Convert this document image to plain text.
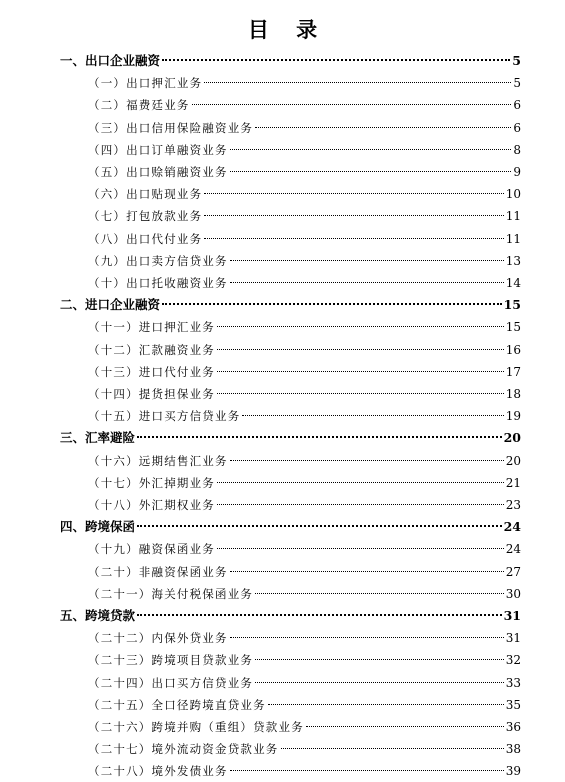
目 录
一、出口企业融资	5
（一）出口押汇业务	5
（二）福费廷业务	6
（三）出口信用保险融资业务	6
（四）出口订单融资业务	8
（五）出口赊销融资业务	9
（六）出口贴现业务	10
（七）打包放款业务	11
（八）出口代付业务	11
（九）出口卖方信贷业务	13
（十）出口托收融资业务	14
二、进口企业融资	15
（十一）进口押汇业务	15
（十二）汇款融资业务	16
（十三）进口代付业务	17
（十四）提货担保业务	18
（十五）进口买方信贷业务	19
三、汇率避险	20
（十六）远期结售汇业务	20
（十七）外汇掉期业务	21
（十八）外汇期权业务	23
四、跨境保函	24
（十九）融资保函业务	24
（二十）非融资保函业务	27
（二十一）海关付税保函业务	30
五、跨境贷款	31
（二十二）内保外贷业务	31
（二十三）跨境项目贷款业务	32
（二十四）出口买方信贷业务	33
（二十五）全口径跨境直贷业务	35
（二十六）跨境并购（重组）贷款业务	36
（二十七）境外流动资金贷款业务	38
（二十八）境外发债业务	39
